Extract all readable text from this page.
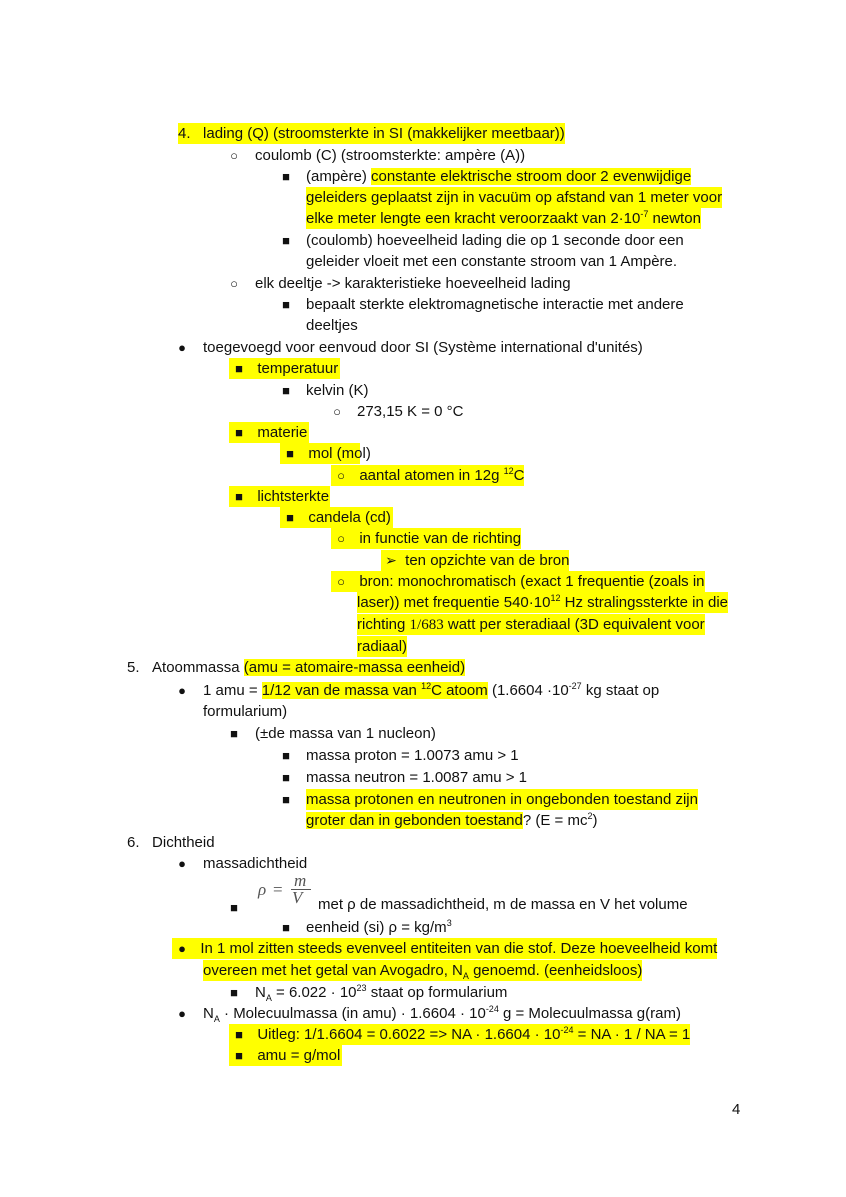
4. lading (Q) (stroomsterkte in SI (makkelijker meetbaar))
○	coulomb (C) (stroomsterkte: ampère (A))
■	(ampère) constante elektrische stroom door 2 evenwijdige
geleiders geplaatst zijn in vacuüm op afstand van 1 meter voor
elke meter lengte een kracht veroorzaakt van $2\cdot 10^{-7}$ newton
■	(coulomb) hoeveelheid lading die op 1 seconde door een
geleider vloeit met een constante stroom van 1 Ampère.
○	elk deeltje -> karakteristieke hoeveelheid lading
■	bepaalt sterkte elektromagnetische interactie met andere
deeltjes
●	toegevoegd voor eenvoud door SI (Système international d'unités)
■ temperatuur
■	kelvin (K)
○	273,15 K = 0 °C
■ materie
■ mol (mol)
○ aantal atomen in 12g $^{12}$C
■ lichtsterkte
■ candela (cd)
○ in functie van de richting
➢ ten opzichte van de bron
○ bron: monochromatisch (exact 1 frequentie (zoals in
laser)) met frequentie $540\cdot 10^{12}$ Hz stralingssterkte in die
richting 1/683 watt per steradiaal (3D equivalent voor
radiaal)
5. Atoommassa (amu = atomaire-massa eenheid)
●	1 amu = 1/12 van de massa van $^{12}$C atoom ($1.6604 \cdot 10^{-27}$ kg staat op
formularium)
■	(±de massa van 1 nucleon)
■	massa proton = 1.0073 amu > 1
■	massa neutron = 1.0087 amu > 1
■	massa protonen en neutronen in ongebonden toestand zijn
groter dan in gebonden toestand? $(E = mc^2)$
6. Dichtheid
●	massadichtheid
ρ = m
V
■	met ρ de massadichtheid, m de massa en V het volume
■	eenheid (si) $\rho = kg/m^3$
● In 1 mol zitten steeds evenveel entiteiten van die stof. Deze hoeveelheid komt
overeen met het getal van Avogadro, $N_A$ genoemd. (eenheidsloos)
■	$N_A = 6.022 \cdot 10^{23}$ staat op formularium
●	$N_A$ · Molecuulmassa (in $amu) \cdot 1.6604 \cdot 10^{-24}$ g = Molecuulmassa g(ram)
■ Uitleg: 1/1.6604 = 0.6022 => NA · $1.6604 \cdot 10^{-24}$ = NA · 1 / NA = 1
■ amu = g/mol
4
